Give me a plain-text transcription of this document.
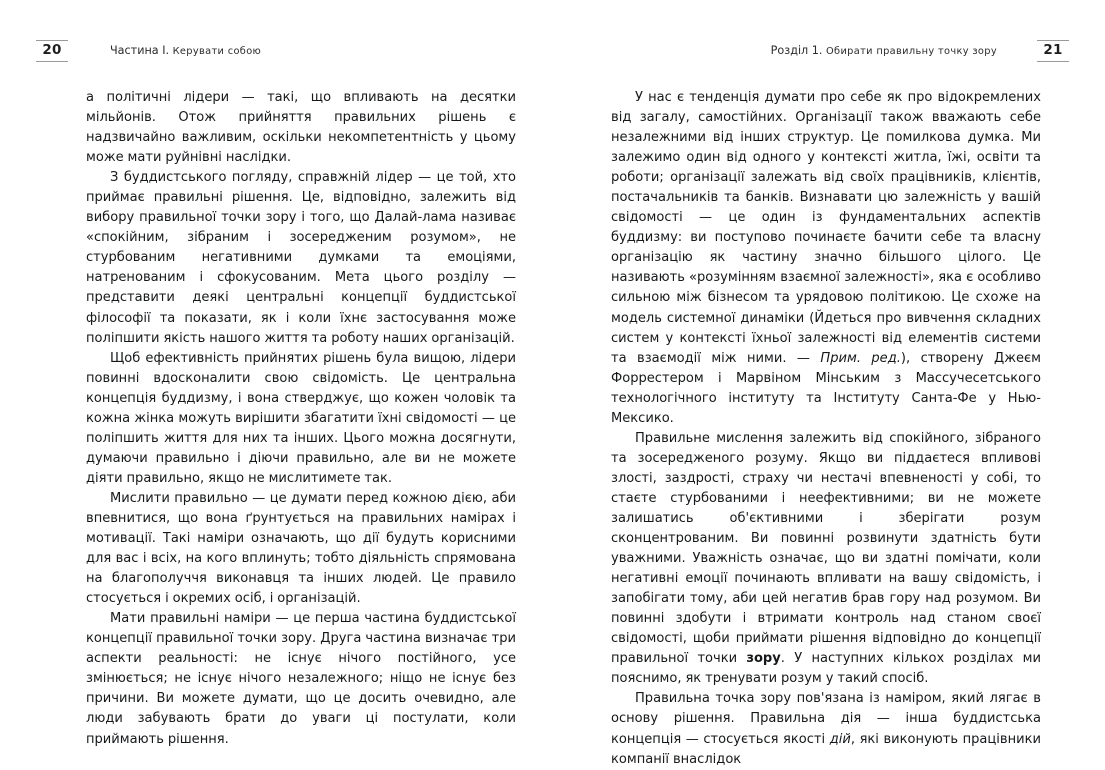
20	Частина I. Керувати собою	Розділ 1. Обирати правильну точку зору	21

а політичні лідери — такі, що впливають на десятки мільйонів. Отож прийняття правильних рішень є надзвичайно важливим, оскільки некомпетентність у цьому може мати руйнівні наслідки.

З буддистського погляду, справжній лідер — це той, хто приймає правильні рішення. Це, відповідно, залежить від вибору правильної точки зору і того, що Далай-лама називає «спокійним, зібраним і зосередженим розумом», не стурбованим негативними думками та емоціями, натренованим і сфокусованим. Мета цього розділу — представити деякі центральні концепції буддистської філософії та показати, як і коли їхнє застосування може поліпшити якість нашого життя та роботу наших організацій.

Щоб ефективність прийнятих рішень була вищою, лідери повинні вдосконалити свою свідомість. Це центральна концепція буддизму, і вона стверджує, що кожен чоловік та кожна жінка можуть вирішити збагатити їхні свідомості — це поліпшить життя для них та інших. Цього можна досягнути, думаючи правильно і діючи правильно, але ви не можете діяти правильно, якщо не мислитимете так.

Мислити правильно — це думати перед кожною дією, аби впевнитися, що вона ґрунтується на правильних намірах і мотивації. Такі наміри означають, що дії будуть корисними для вас і всіх, на кого вплинуть; тобто діяльність спрямована на благополуччя виконавця та інших людей. Це правило стосується і окремих осіб, і організацій.

Мати правильні наміри — це перша частина буддистської концепції правильної точки зору. Друга частина визначає три аспекти реальності: не існує нічого постійного, усе змінюється; не існує нічого незалежного; ніщо не існує без причини. Ви можете думати, що це досить очевидно, але люди забувають брати до уваги ці постулати, коли приймають рішення.

У нас є тенденція думати про себе як про відокремлених від загалу, самостійних. Організації також вважають себе незалежними від інших структур. Це помилкова думка. Ми залежимо один від одного у контексті житла, їжі, освіти та роботи; організації залежать від своїх працівників, клієнтів, постачальників та банків. Визнавати цю залежність у вашій свідомості — це один із фундаментальних аспектів буддизму: ви поступово починаєте бачити себе та власну організацію як частину значно більшого цілого. Це називають «розумінням взаємної залежності», яка є особливо сильною між бізнесом та урядовою політикою. Це схоже на модель системної динаміки (Йдеться про вивчення складних систем у контексті їхньої залежності від елементів системи та взаємодії між ними. — Прим. ред.), створену Джеєм Форрестером і Марвіном Мінським з Массучесетського технологічного інституту та Інституту Санта-Фе у Нью-Мексико.

Правильне мислення залежить від спокійного, зібраного та зосередженого розуму. Якщо ви піддаєтеся впливові злості, заздрості, страху чи нестачі впевненості у собі, то стаєте стурбованими і неефективними; ви не можете залишатись об'єктивними і зберігати розум сконцентрованим. Ви повинні розвинути здатність бути уважними. Уважність означає, що ви здатні помічати, коли негативні емоції починають впливати на вашу свідомість, і запобігати тому, аби цей негатив брав гору над розумом. Ви повинні здобути і втримати контроль над станом своєї свідомості, щоби приймати рішення відповідно до концепції правильної точки зору. У наступних кількох розділах ми пояснимо, як тренувати розум у такий спосіб.

Правильна точка зору пов'язана із наміром, який лягає в основу рішення. Правильна дія — інша буддистська концепція — стосується якості дій, які виконують працівники компанії внаслідок
